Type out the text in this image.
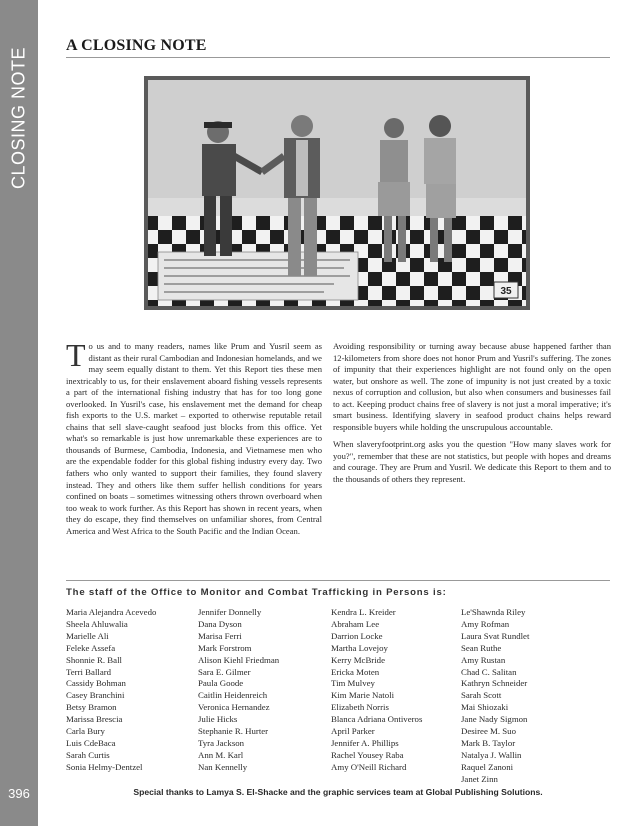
CLOSING NOTE
396
A CLOSING NOTE
35

To us and to many readers, names like Prum and Yusril seem as distant as their rural Cambodian and Indonesian homelands, and we may seem equally distant to them. Yet this Report ties these men inextricably to us, for their enslavement aboard fishing vessels represents a part of the international fishing industry that has for too long gone overlooked. In Yusril's case, his enslavement met the demand for cheap fish exports to the U.S. market – exported to otherwise reputable retail chains that sell slave-caught seafood just blocks from this office. Yet what's so remarkable is just how unremarkable these experiences are to thousands of Burmese, Cambodia, Indonesia, and Vietnamese men who are the expendable fodder for this global fishing industry every day. Two fathers who only wanted to support their families, they found slavery instead. They and others like them suffer hellish conditions for years confined on boats – sometimes witnessing others thrown overboard when too weak to work further. As this Report has shown in recent years, when they do escape, they find themselves on unfamiliar shores, from Central America and West Africa to the South Pacific and the Indian Ocean.

Avoiding responsibility or turning away because abuse happened farther than 12-kilometers from shore does not honor Prum and Yusril's suffering. The zones of impunity that their experiences highlight are not found only on the open water, but onshore as well. The zone of impunity is not just created by a toxic nexus of corruption and collusion, but also when consumers and businesses fail to act. Keeping product chains free of slavery is not just a moral imperative; it's smart business. Identifying slavery in seafood product chains helps reward responsible buyers while holding the unscrupulous accountable.

When slaveryfootprint.org asks you the question "How many slaves work for you?", remember that these are not statistics, but people with hopes and dreams and courage. They are Prum and Yusril. We dedicate this Report to them and to the thousands of others they represent.

The staff of the Office to Monitor and Combat Trafficking in Persons is:
Maria Alejandra Acevedo
Sheela Ahluwalia
Marielle Ali
Feleke Assefa
Shonnie R. Ball
Terri Ballard
Cassidy Bohman
Casey Branchini
Betsy Bramon
Marissa Brescia
Carla Bury
Luis CdeBaca
Sarah Curtis
Sonia Helmy-Dentzel
Jennifer Donnelly
Dana Dyson
Marisa Ferri
Mark Forstrom
Alison Kiehl Friedman
Sara E. Gilmer
Paula Goode
Caitlin Heidenreich
Veronica Hernandez
Julie Hicks
Stephanie R. Hurter
Tyra Jackson
Ann M. Karl
Nan Kennelly
Kendra L. Kreider
Abraham Lee
Darrion Locke
Martha Lovejoy
Kerry McBride
Ericka Moten
Tim Mulvey
Kim Marie Natoli
Elizabeth Norris
Blanca Adriana Ontiveros
April Parker
Jennifer A. Phillips
Rachel Yousey Raba
Amy O'Neill Richard
Le'Shawnda Riley
Amy Rofman
Laura Svat Rundlet
Sean Ruthe
Amy Rustan
Chad C. Salitan
Kathryn Schneider
Sarah Scott
Mai Shiozaki
Jane Nady Sigmon
Desiree M. Suo
Mark B. Taylor
Natalya J. Wallin
Raquel Zanoni
Janet Zinn
Special thanks to Lamya S. El-Shacke and the graphic services team at Global Publishing Solutions.
